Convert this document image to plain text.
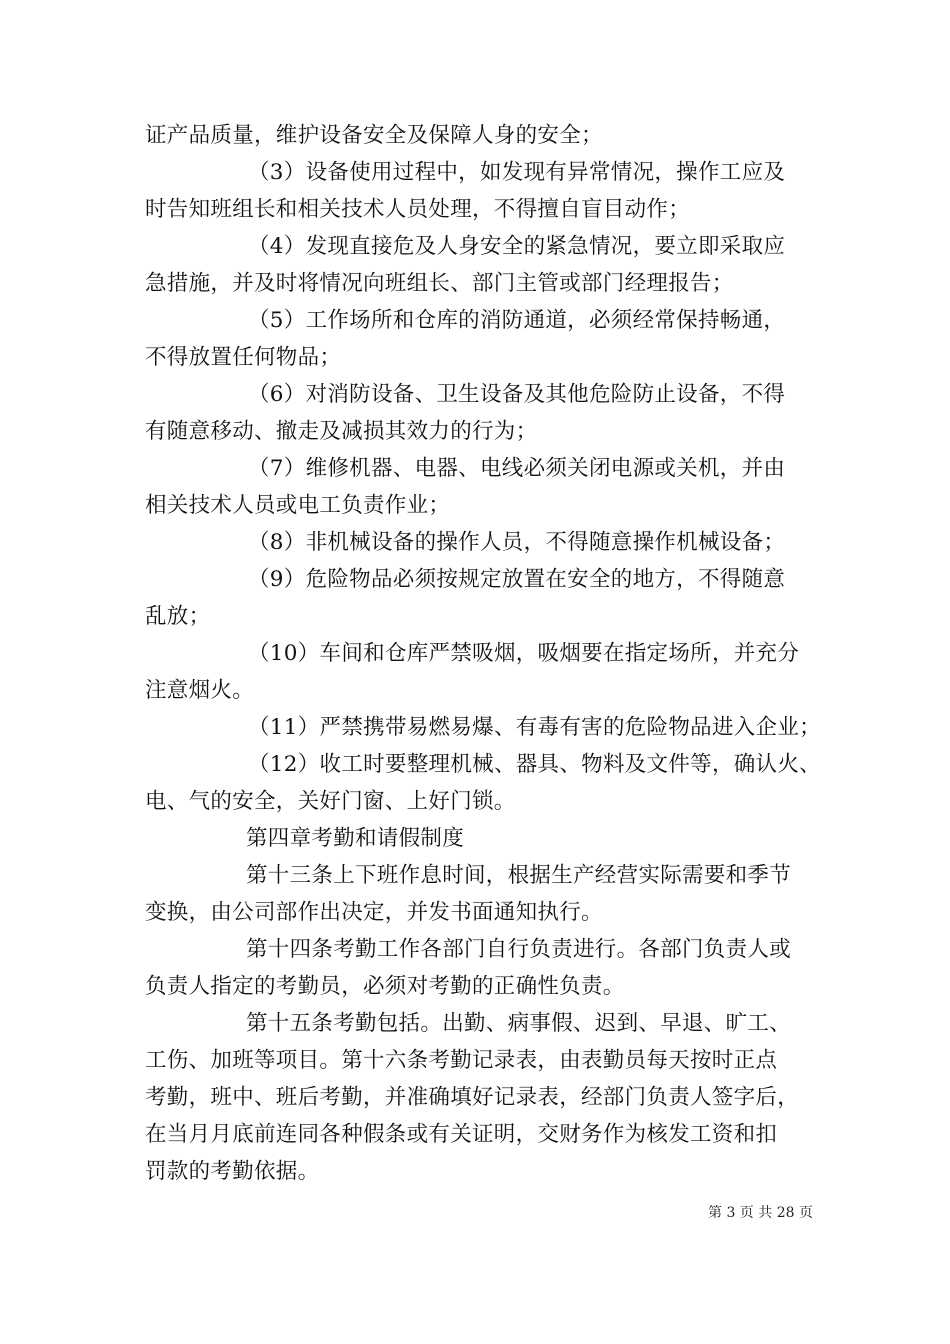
证产品质量，维护设备安全及保障人身的安全；
（3）设备使用过程中，如发现有异常情况，操作工应及
时告知班组长和相关技术人员处理，不得擅自盲目动作；
（4）发现直接危及人身安全的紧急情况，要立即采取应
急措施，并及时将情况向班组长、部门主管或部门经理报告；
（5）工作场所和仓库的消防通道，必须经常保持畅通，
不得放置任何物品；
（6）对消防设备、卫生设备及其他危险防止设备，不得
有随意移动、撤走及减损其效力的行为；
（7）维修机器、电器、电线必须关闭电源或关机，并由
相关技术人员或电工负责作业；
（8）非机械设备的操作人员，不得随意操作机械设备；
（9）危险物品必须按规定放置在安全的地方，不得随意
乱放；
（10）车间和仓库严禁吸烟，吸烟要在指定场所，并充分
注意烟火。
（11）严禁携带易燃易爆、有毒有害的危险物品进入企业；
（12）收工时要整理机械、器具、物料及文件等，确认火、
电、气的安全，关好门窗、上好门锁。
第四章考勤和请假制度
第十三条上下班作息时间，根据生产经营实际需要和季节
变换，由公司部作出决定，并发书面通知执行。
第十四条考勤工作各部门自行负责进行。各部门负责人或
负责人指定的考勤员，必须对考勤的正确性负责。
第十五条考勤包括。出勤、病事假、迟到、早退、旷工、
工伤、加班等项目。第十六条考勤记录表，由表勤员每天按时正点
考勤，班中、班后考勤，并准确填好记录表，经部门负责人签字后，
在当月月底前连同各种假条或有关证明，交财务作为核发工资和扣
罚款的考勤依据。
第 3 页 共 28 页
